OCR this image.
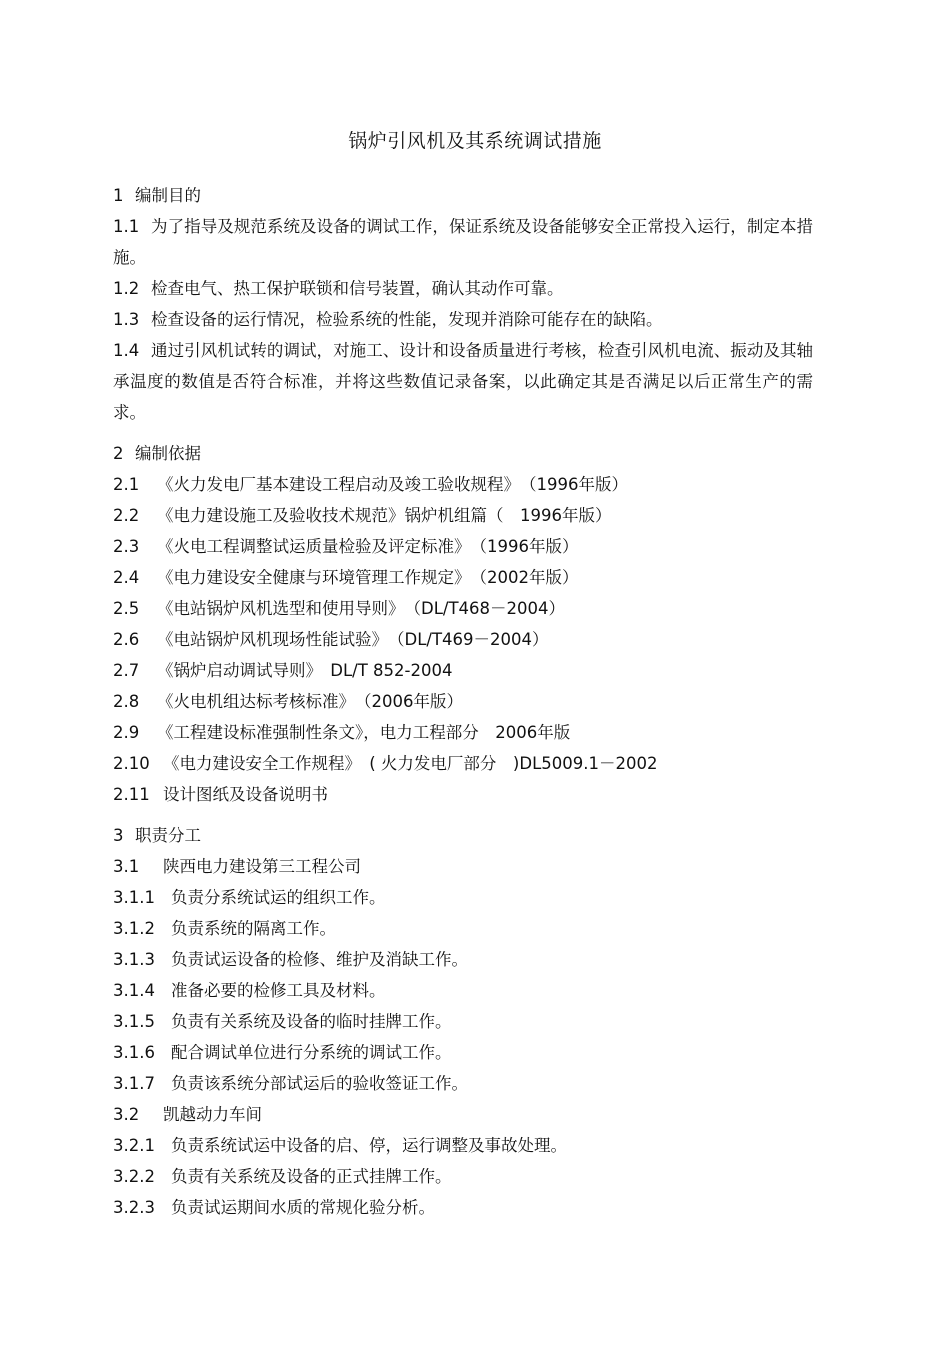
锅炉引风机及其系统调试措施
1 编制目的
1.1 为了指导及规范系统及设备的调试工作，保证系统及设备能够安全正常投入运行，制定本措施。
1.2 检查电气、热工保护联锁和信号装置，确认其动作可靠。
1.3 检查设备的运行情况，检验系统的性能，发现并消除可能存在的缺陷。
1.4 通过引风机试转的调试，对施工、设计和设备质量进行考核，检查引风机电流、振动及其轴承温度的数值是否符合标准，并将这些数值记录备案，以此确定其是否满足以后正常生产的需求。
2 编制依据
2.1 《火力发电厂基本建设工程启动及竣工验收规程》　（1996年版）
2.2 《电力建设施工及验收技术规范》锅炉机组篇（　1996年版）
2.3 《火电工程调整试运质量检验及评定标准》　（1996年版）
2.4 《电力建设安全健康与环境管理工作规定》　（2002年版）
2.5 《电站锅炉风机选型和使用导则》　（DL/T468－2004）
2.6 《电站锅炉风机现场性能试验》　（DL/T469－2004）
2.7 《锅炉启动调试导则》　DL/T 852-2004
2.8 《火电机组达标考核标准》　（2006年版）
2.9 《工程建设标准强制性条文》，电力工程部分　2006年版
2.10 《电力建设安全工作规程》　( 火力发电厂部分　)DL5009.1－2002
2.11 设计图纸及设备说明书
3 职责分工
3.1 陕西电力建设第三工程公司
3.1.1 负责分系统试运的组织工作。
3.1.2 负责系统的隔离工作。
3.1.3 负责试运设备的检修、维护及消缺工作。
3.1.4 准备必要的检修工具及材料。
3.1.5 负责有关系统及设备的临时挂牌工作。
3.1.6 配合调试单位进行分系统的调试工作。
3.1.7 负责该系统分部试运后的验收签证工作。
3.2 凯越动力车间
3.2.1 负责系统试运中设备的启、停，运行调整及事故处理。
3.2.2 负责有关系统及设备的正式挂牌工作。
3.2.3 负责试运期间水质的常规化验分析。
